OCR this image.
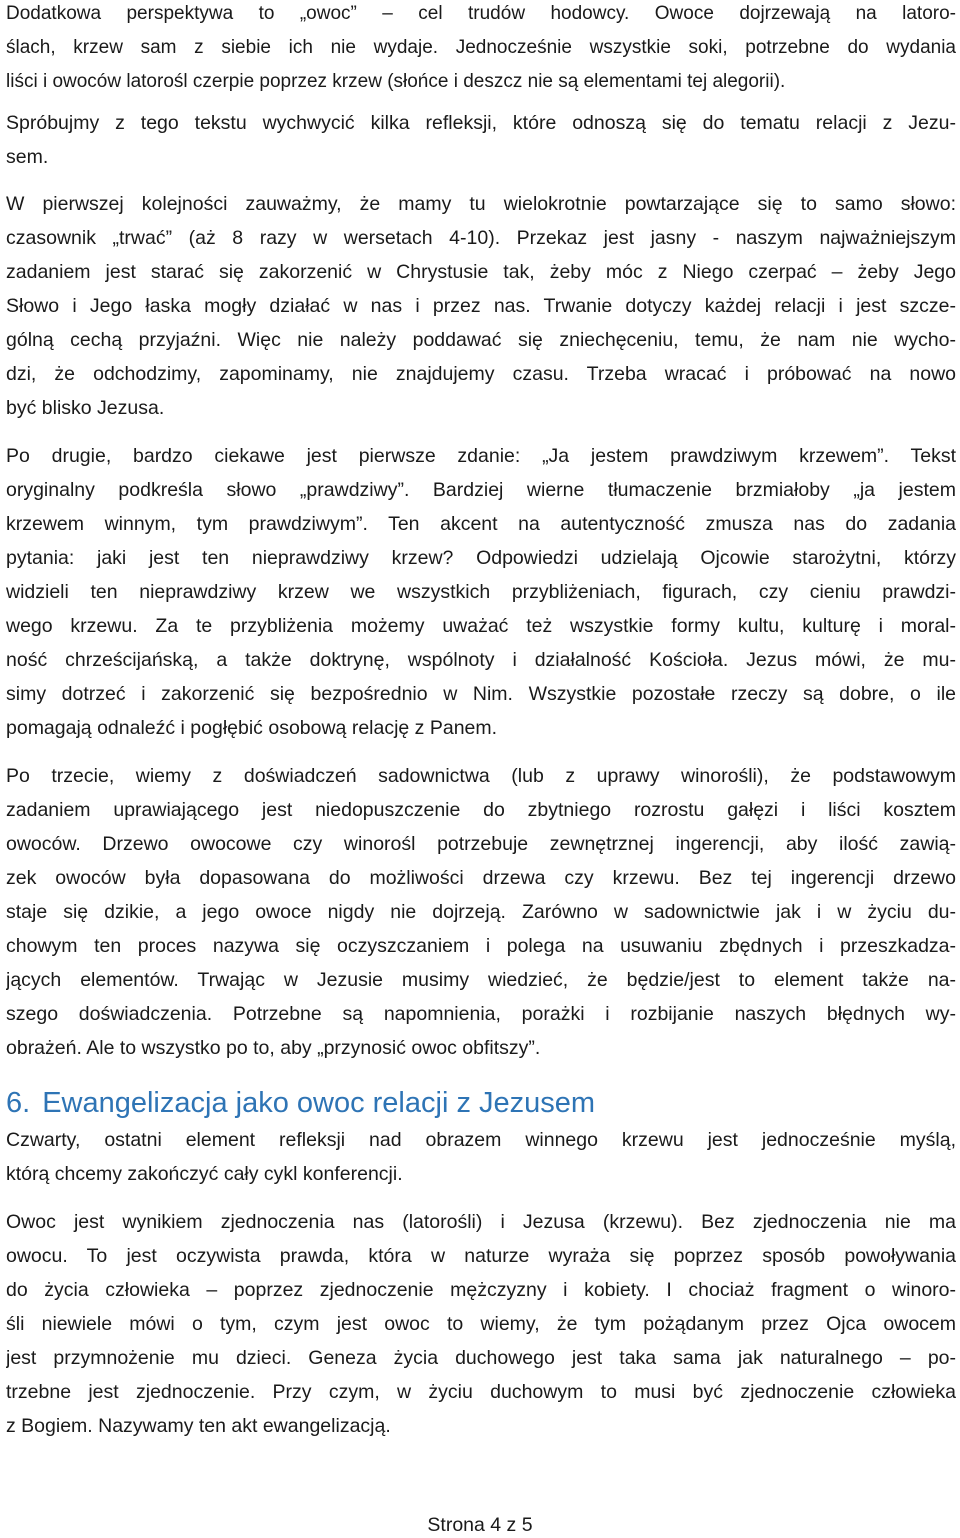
Dodatkowa perspektywa to „owoc” – cel trudów hodowcy. Owoce dojrzewają na latoro-
ślach, krzew sam z siebie ich nie wydaje. Jednocześnie wszystkie soki, potrzebne do wydania
liści i owoców latorośl czerpie poprzez krzew (słońce i deszcz nie są elementami tej alegorii).
Spróbujmy z tego tekstu wychwycić kilka refleksji, które odnoszą się do tematu relacji z Jezu-
sem.
W pierwszej kolejności zauważmy, że mamy tu wielokrotnie powtarzające się to samo słowo:
czasownik „trwać” (aż 8 razy w wersetach 4-10). Przekaz jest jasny - naszym najważniejszym
zadaniem jest starać się zakorzenić w Chrystusie tak, żeby móc z Niego czerpać – żeby Jego
Słowo i Jego łaska mogły działać w nas i przez nas. Trwanie dotyczy każdej relacji i jest szcze-
gólną cechą przyjaźni. Więc nie należy poddawać się zniechęceniu, temu, że nam nie wycho-
dzi, że odchodzimy, zapominamy, nie znajdujemy czasu. Trzeba wracać i próbować na nowo
być blisko Jezusa.
Po drugie, bardzo ciekawe jest pierwsze zdanie: „Ja jestem prawdziwym krzewem”. Tekst
oryginalny podkreśla słowo „prawdziwy”. Bardziej wierne tłumaczenie brzmiałoby „ja jestem
krzewem winnym, tym prawdziwym”. Ten akcent na autentyczność zmusza nas do zadania
pytania: jaki jest ten nieprawdziwy krzew? Odpowiedzi udzielają Ojcowie starożytni, którzy
widzieli ten nieprawdziwy krzew we wszystkich przybliżeniach, figurach, czy cieniu prawdzi-
wego krzewu. Za te przybliżenia możemy uważać też wszystkie formy kultu, kulturę i moral-
ność chrześcijańską, a także doktrynę, wspólnoty i działalność Kościoła. Jezus mówi, że mu-
simy dotrzeć i zakorzenić się bezpośrednio w Nim. Wszystkie pozostałe rzeczy są dobre, o ile
pomagają odnaleźć i pogłębić osobową relację z Panem.
Po trzecie, wiemy z doświadczeń sadownictwa (lub z uprawy winorośli), że podstawowym
zadaniem uprawiającego jest niedopuszczenie do zbytniego rozrostu gałęzi i liści kosztem
owoców. Drzewo owocowe czy winorośl potrzebuje zewnętrznej ingerencji, aby ilość zawią-
zek owoców była dopasowana do możliwości drzewa czy krzewu. Bez tej ingerencji drzewo
staje się dzikie, a jego owoce nigdy nie dojrzeją. Zarówno w sadownictwie jak i w życiu du-
chowym ten proces nazywa się oczyszczaniem i polega na usuwaniu zbędnych i przeszkadza-
jących elementów. Trwając w Jezusie musimy wiedzieć, że będzie/jest to element także na-
szego doświadczenia. Potrzebne są napomnienia, porażki i rozbijanie naszych błędnych wy-
obrażeń. Ale to wszystko po to, aby „przynosić owoc obfitszy”.
6. Ewangelizacja jako owoc relacji z Jezusem
Czwarty, ostatni element refleksji nad obrazem winnego krzewu jest jednocześnie myślą,
którą chcemy zakończyć cały cykl konferencji.
Owoc jest wynikiem zjednoczenia nas (latorośli) i Jezusa (krzewu). Bez zjednoczenia nie ma
owocu. To jest oczywista prawda, która w naturze wyraża się poprzez sposób powoływania
do życia człowieka – poprzez zjednoczenie mężczyzny i kobiety. I chociaż fragment o winoro-
śli niewiele mówi o tym, czym jest owoc to wiemy, że tym pożądanym przez Ojca owocem
jest przymnożenie mu dzieci. Geneza życia duchowego jest taka sama jak naturalnego – po-
trzebne jest zjednoczenie. Przy czym, w życiu duchowym to musi być zjednoczenie człowieka
z Bogiem. Nazywamy ten akt ewangelizacją.
Strona 4 z 5
